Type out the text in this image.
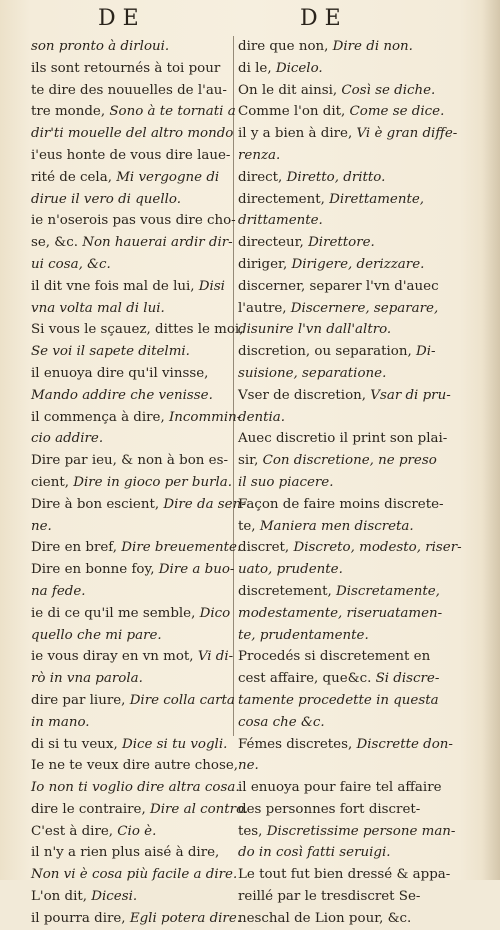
DE	DE
son pronto à dirloui.
ils sont retournés à toi pour
te dire des nouuelles de l'au-
tre monde, Sono à te tornati a
dir'ti mouelle del altro mondo
i'eus honte de vous dire laue-
rité de cela, Mi vergogne di
dirue il vero di quello.
ie n'oserois pas vous dire cho-
se, &c. Non hauerai ardir dir-
ui cosa, &c.
il dit vne fois mal de lui, Disi
vna volta mal di lui.
Si vous le sçauez, dittes le moi,
Se voi il sapete ditelmi.
il enuoya dire qu'il vinsse,
Mando addire che venisse.
il commença à dire, Incommin-
cio addire.
Dire par ieu, & non à bon es-
cient, Dire in gioco per burla.
Dire à bon escient, Dire da sen-
ne.
Dire en bref, Dire breuemente.
Dire en bonne foy, Dire a buo-
na fede.
ie di ce qu'il me semble, Dico
quello che mi pare.
ie vous diray en vn mot, Vi di-
rò in vna parola.
dire par liure, Dire colla carta
in mano.
di si tu veux, Dice si tu vogli.
Ie ne te veux dire autre chose,
Io non ti voglio dire altra cosa.
dire le contraire, Dire al contro.
C'est à dire, Cio è.
il n'y a rien plus aisé à dire,
Non vi è cosa più facile a dire.
L'on dit, Dicesi.
il pourra dire, Egli potera dire.
dire que non, Dire di non.
di le, Dicelo.
On le dit ainsi, Così se diche.
Comme l'on dit, Come se dice.
il y a bien à dire, Vi è gran diffe-
renza.
direct, Diretto, dritto.
directement, Direttamente,
drittamente.
directeur, Direttore.
diriger, Dirigere, derizzare.
discerner, separer l'vn d'auec
l'autre, Discernere, separare,
disunire l'vn dall'altro.
discretion, ou separation, Di-
suisione, separatione.
Vser de discretion, Vsar di pru-
dentia.
Auec discretio il print son plai-
sir, Con discretione, ne preso
il suo piacere.
Façon de faire moins discrete-
te, Maniera men discreta.
discret, Discreto, modesto, riser-
uato, prudente.
discretement, Discretamente,
modestamente, riseruatamen-
te, prudentamente.
Procedés si discretement en
cest affaire, que&c. Si discre-
tamente procedette in questa
cosa che &c.
Fémes discretes, Discrette don-
ne.
il enuoya pour faire tel affaire
des personnes fort discret-
tes, Discretissime persone man-
do in così fatti seruigi.
Le tout fut bien dressé & appa-
reillé par le tresdiscret Se-
neschal de Lion pour, &c.
